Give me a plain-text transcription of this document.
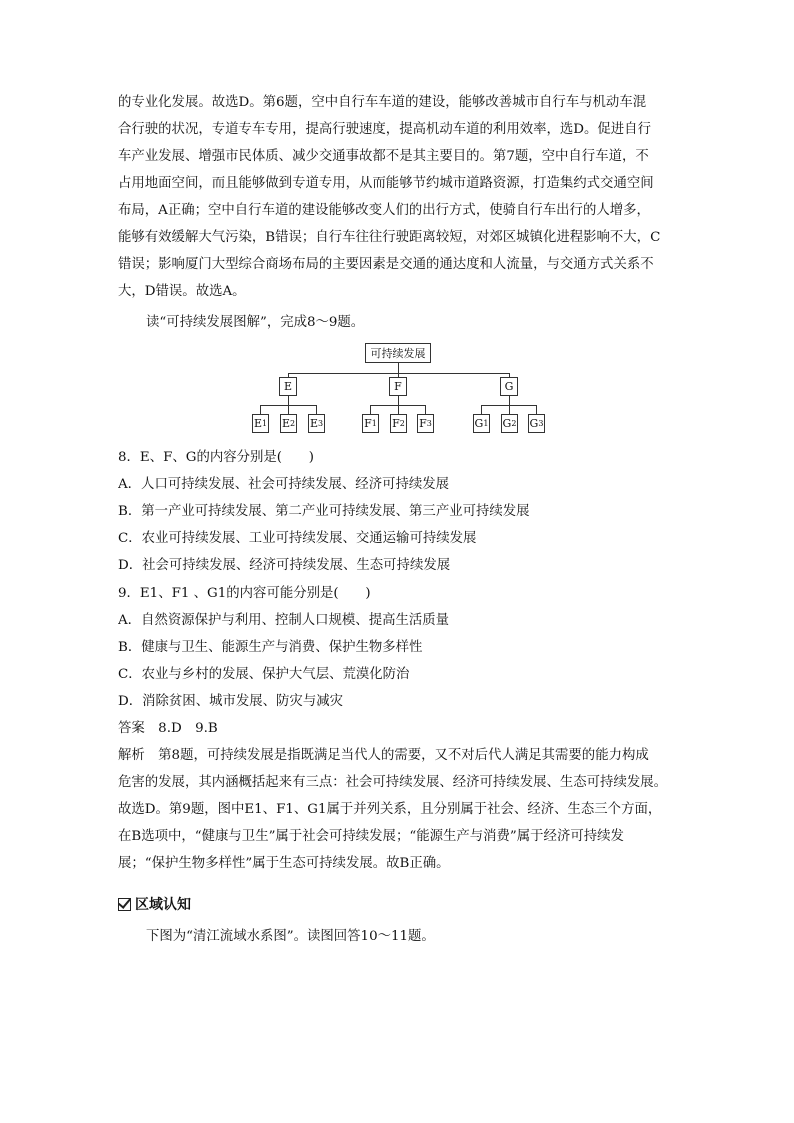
的专业化发展。故选D。第6题，空中自行车车道的建设，能够改善城市自行车与机动车混
合行驶的状况，专道专车专用，提高行驶速度，提高机动车道的利用效率，选D。促进自行
车产业发展、增强市民体质、减少交通事故都不是其主要目的。第7题，空中自行车道，不
占用地面空间，而且能够做到专道专用，从而能够节约城市道路资源，打造集约式交通空间
布局，A正确；空中自行车道的建设能够改变人们的出行方式，使骑自行车出行的人增多，
能够有效缓解大气污染，B错误；自行车往往行驶距离较短，对郊区城镇化进程影响不大，C
错误；影响厦门大型综合商场布局的主要因素是交通的通达度和人流量，与交通方式关系不
大，D错误。故选A。
读“可持续发展图解”，完成8～9题。
可持续发展
E	F	G
E 1 E 2 E 3	F 1 F 2 F 3	G 1 G 2 G 3
8．E、F、G的内容分别是(　　)
A．人口可持续发展、社会可持续发展、经济可持续发展
B．第一产业可持续发展、第二产业可持续发展、第三产业可持续发展
C．农业可持续发展、工业可持续发展、交通运输可持续发展
D．社会可持续发展、经济可持续发展、生态可持续发展
9．E1、F1 、G1的内容可能分别是(　　)
A．自然资源保护与利用、控制人口规模、提高生活质量
B．健康与卫生、能源生产与消费、保护生物多样性
C．农业与乡村的发展、保护大气层、荒漠化防治
D．消除贫困、城市发展、防灾与减灾
答案　8.D　9.B
解析　第8题，可持续发展是指既满足当代人的需要，又不对后代人满足其需要的能力构成
危害的发展，其内涵概括起来有三点：社会可持续发展、经济可持续发展、生态可持续发展。
故选D。第9题，图中E1、F1、G1属于并列关系，且分别属于社会、经济、生态三个方面，
在B选项中，“健康与卫生”属于社会可持续发展；“能源生产与消费”属于经济可持续发
展；“保护生物多样性”属于生态可持续发展。故B正确。
区域认知
下图为“清江流域水系图”。读图回答10～11题。
